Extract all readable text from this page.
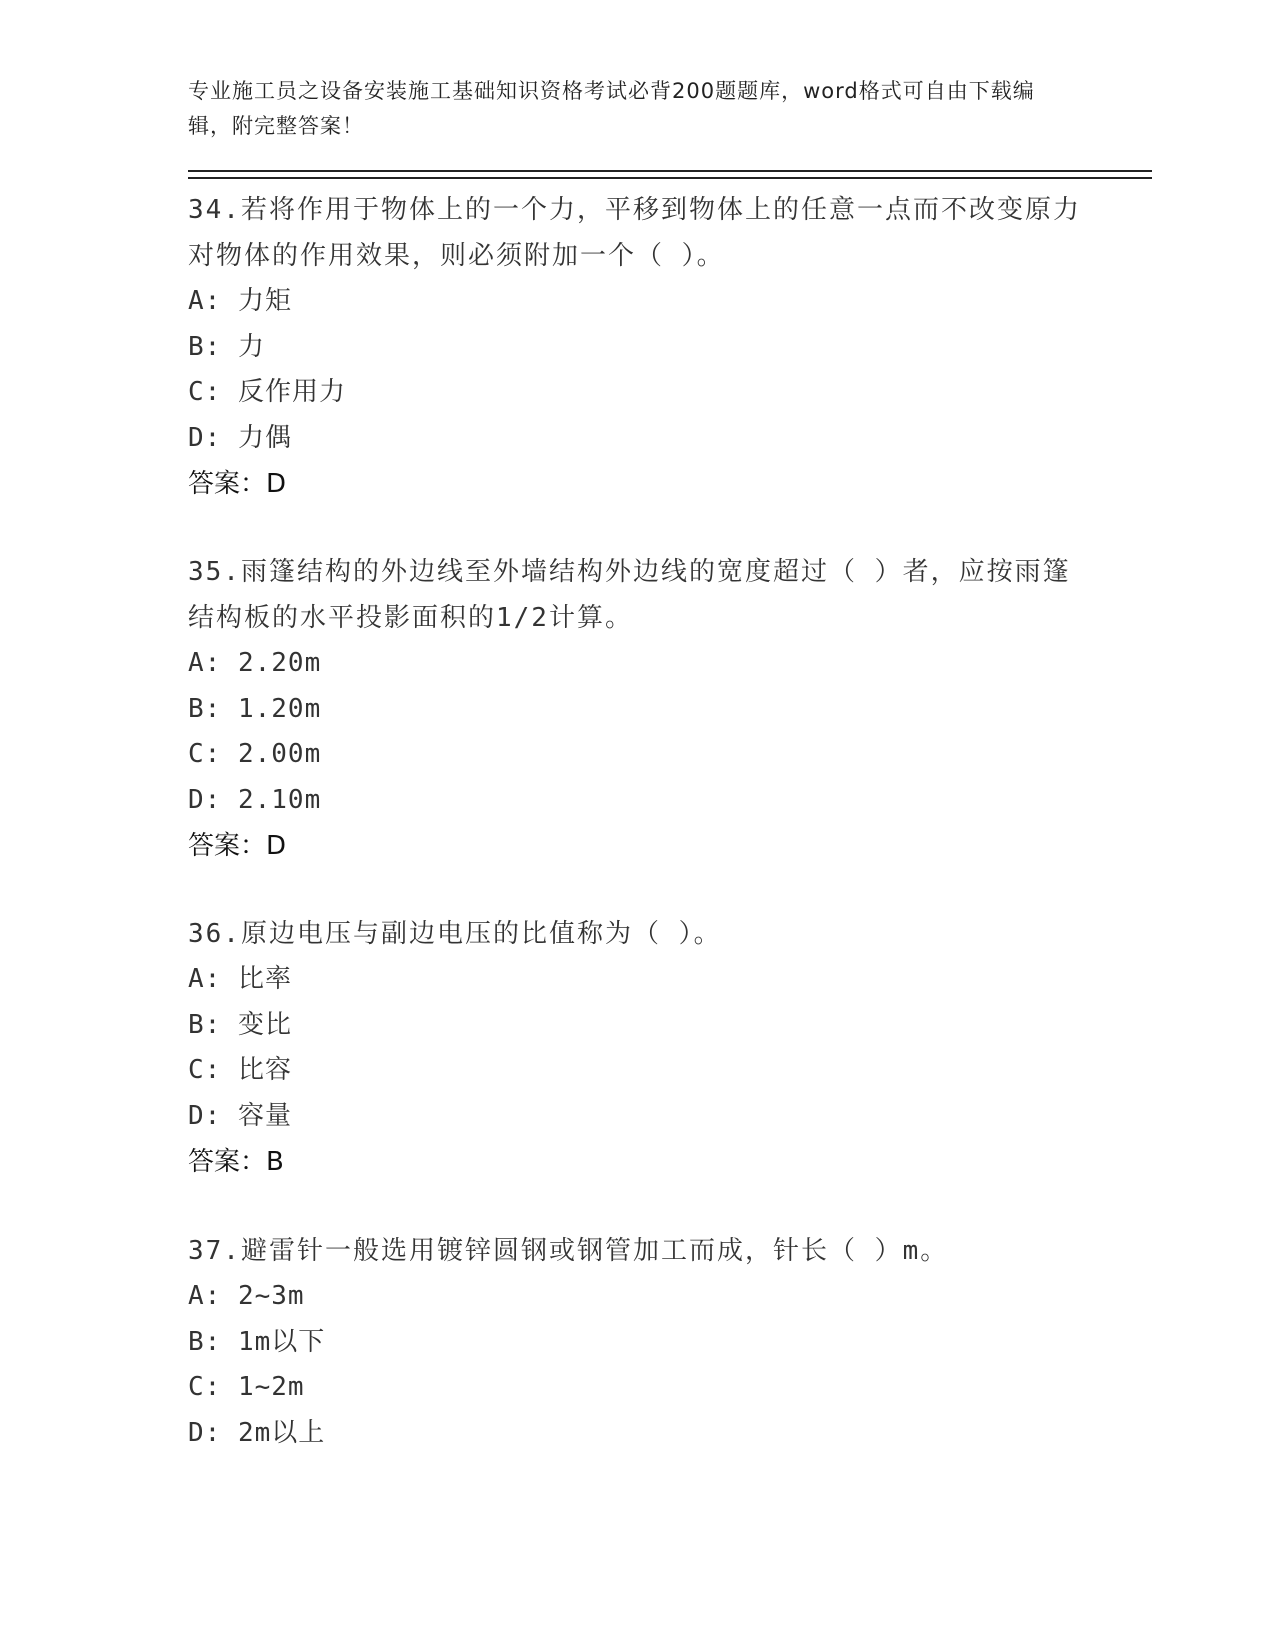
专业施工员之设备安装施工基础知识资格考试必背200题题库，word格式可自由下载编辑，附完整答案！
34.若将作用于物体上的一个力，平移到物体上的任意一点而不改变原力对物体的作用效果，则必须附加一个（ ）。
A: 力矩
B: 力
C: 反作用力
D: 力偶
答案：D
35.雨篷结构的外边线至外墙结构外边线的宽度超过（ ）者，应按雨篷结构板的水平投影面积的1/2计算。
A: 2.20m
B: 1.20m
C: 2.00m
D: 2.10m
答案：D
36.原边电压与副边电压的比值称为（ ）。
A: 比率
B: 变比
C: 比容
D: 容量
答案：B
37.避雷针一般选用镀锌圆钢或钢管加工而成，针长（ ）m。
A: 2~3m
B: 1m以下
C: 1~2m
D: 2m以上
